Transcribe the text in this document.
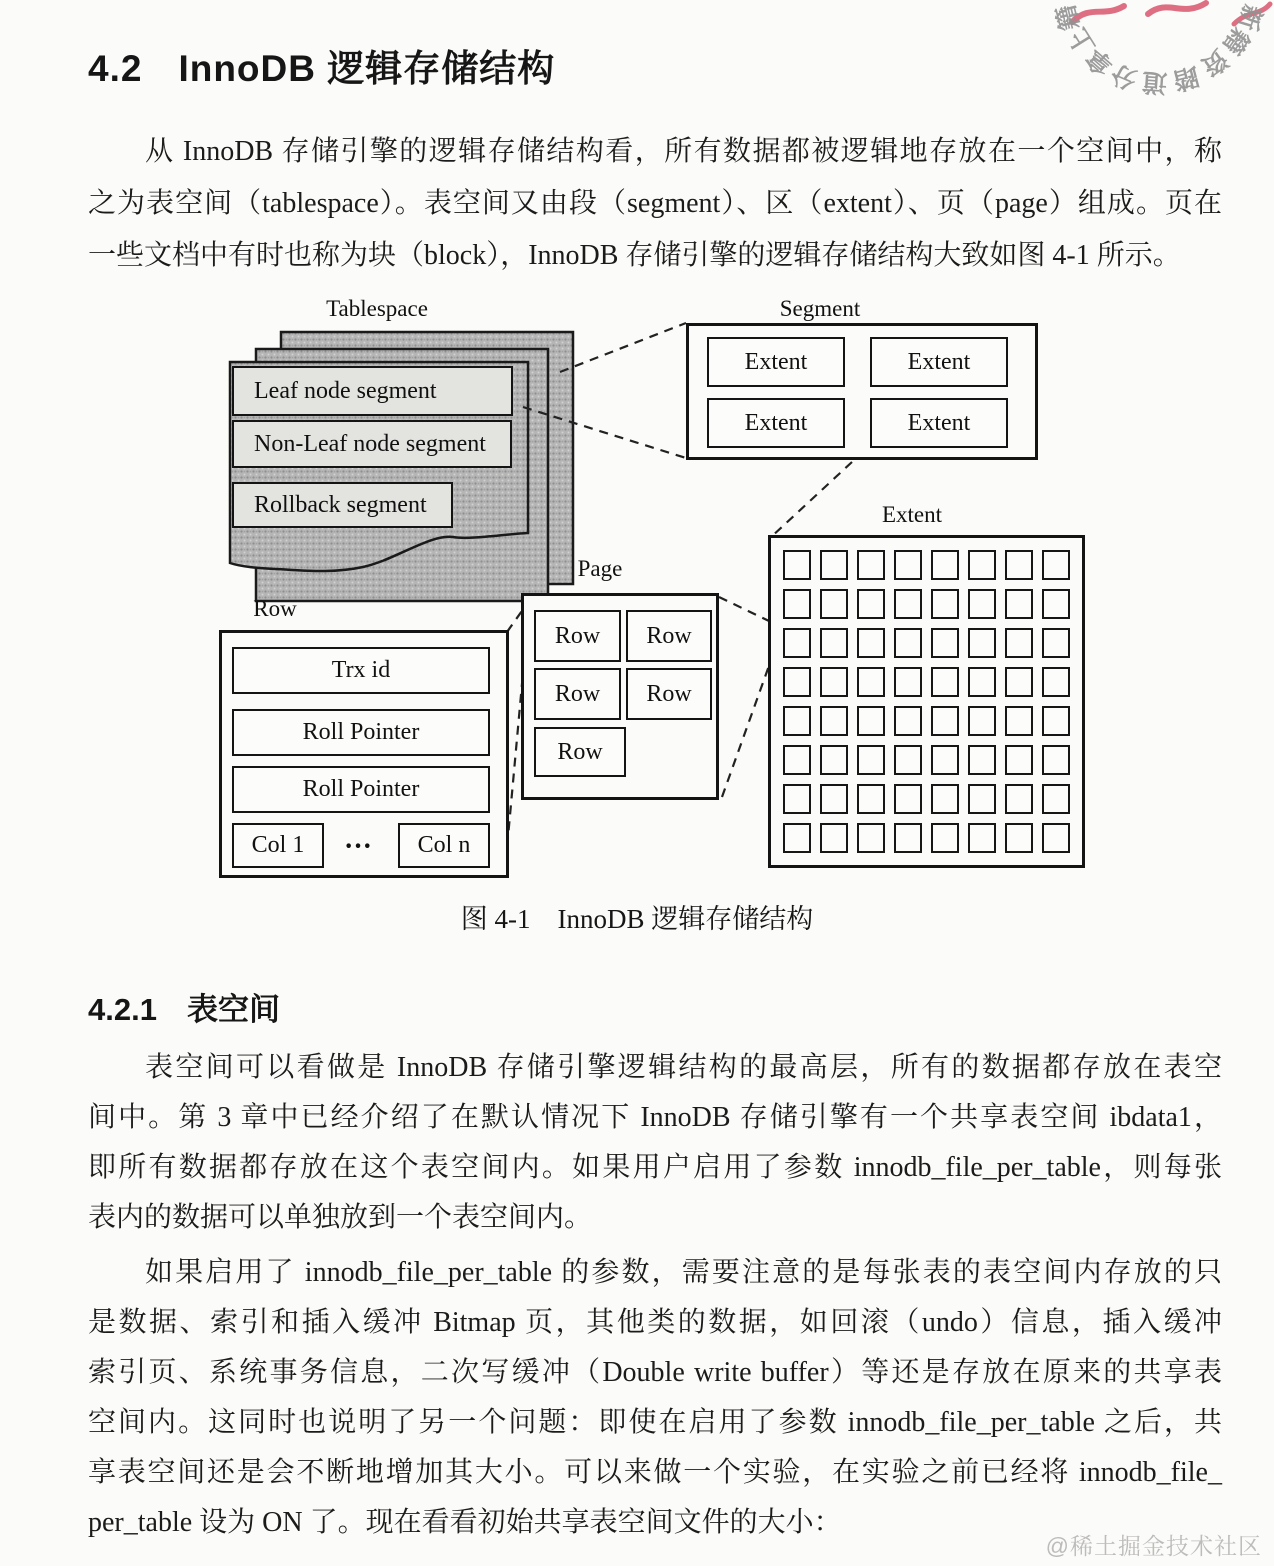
籍
上
拿
分 道 踏
资
籍
新
4.2 InnoDB 逻辑存储结构
从 InnoDB 存储引擎的逻辑存储结构看，所有数据都被逻辑地存放在一个空间中，称
之为表空间（tablespace）。表空间又由段（segment）、区（extent）、页（page）组成。页在
一些文档中有时也称为块（block），InnoDB 存储引擎的逻辑存储结构大致如图 4-1 所示。
Tablespace	Segment
Extent
Page
Row
Leaf node segment
Non-Leaf node segment
Rollback segment
Extent	Extent
Extent	Extent
Row	Row
Row	Row
Row
Trx id
Roll Pointer
Roll Pointer
Col 1	···	Col n
图 4-1　InnoDB 逻辑存储结构
4.2.1 表空间
表空间可以看做是 InnoDB 存储引擎逻辑结构的最高层，所有的数据都存放在表空
间中。第 3 章中已经介绍了在默认情况下 InnoDB 存储引擎有一个共享表空间 ibdata1，
即所有数据都存放在这个表空间内。如果用户启用了参数 innodb_file_per_table，则每张
表内的数据可以单独放到一个表空间内。
如果启用了 innodb_file_per_table 的参数，需要注意的是每张表的表空间内存放的只
是数据、索引和插入缓冲 Bitmap 页，其他类的数据，如回滚（undo）信息，插入缓冲
索引页、系统事务信息，二次写缓冲（Double write buffer）等还是存放在原来的共享表
空间内。这同时也说明了另一个问题：即使在启用了参数 innodb_file_per_table 之后，共
享表空间还是会不断地增加其大小。可以来做一个实验，在实验之前已经将 innodb_file_
per_table 设为 ON 了。现在看看初始共享表空间文件的大小：
@稀土掘金技术社区
